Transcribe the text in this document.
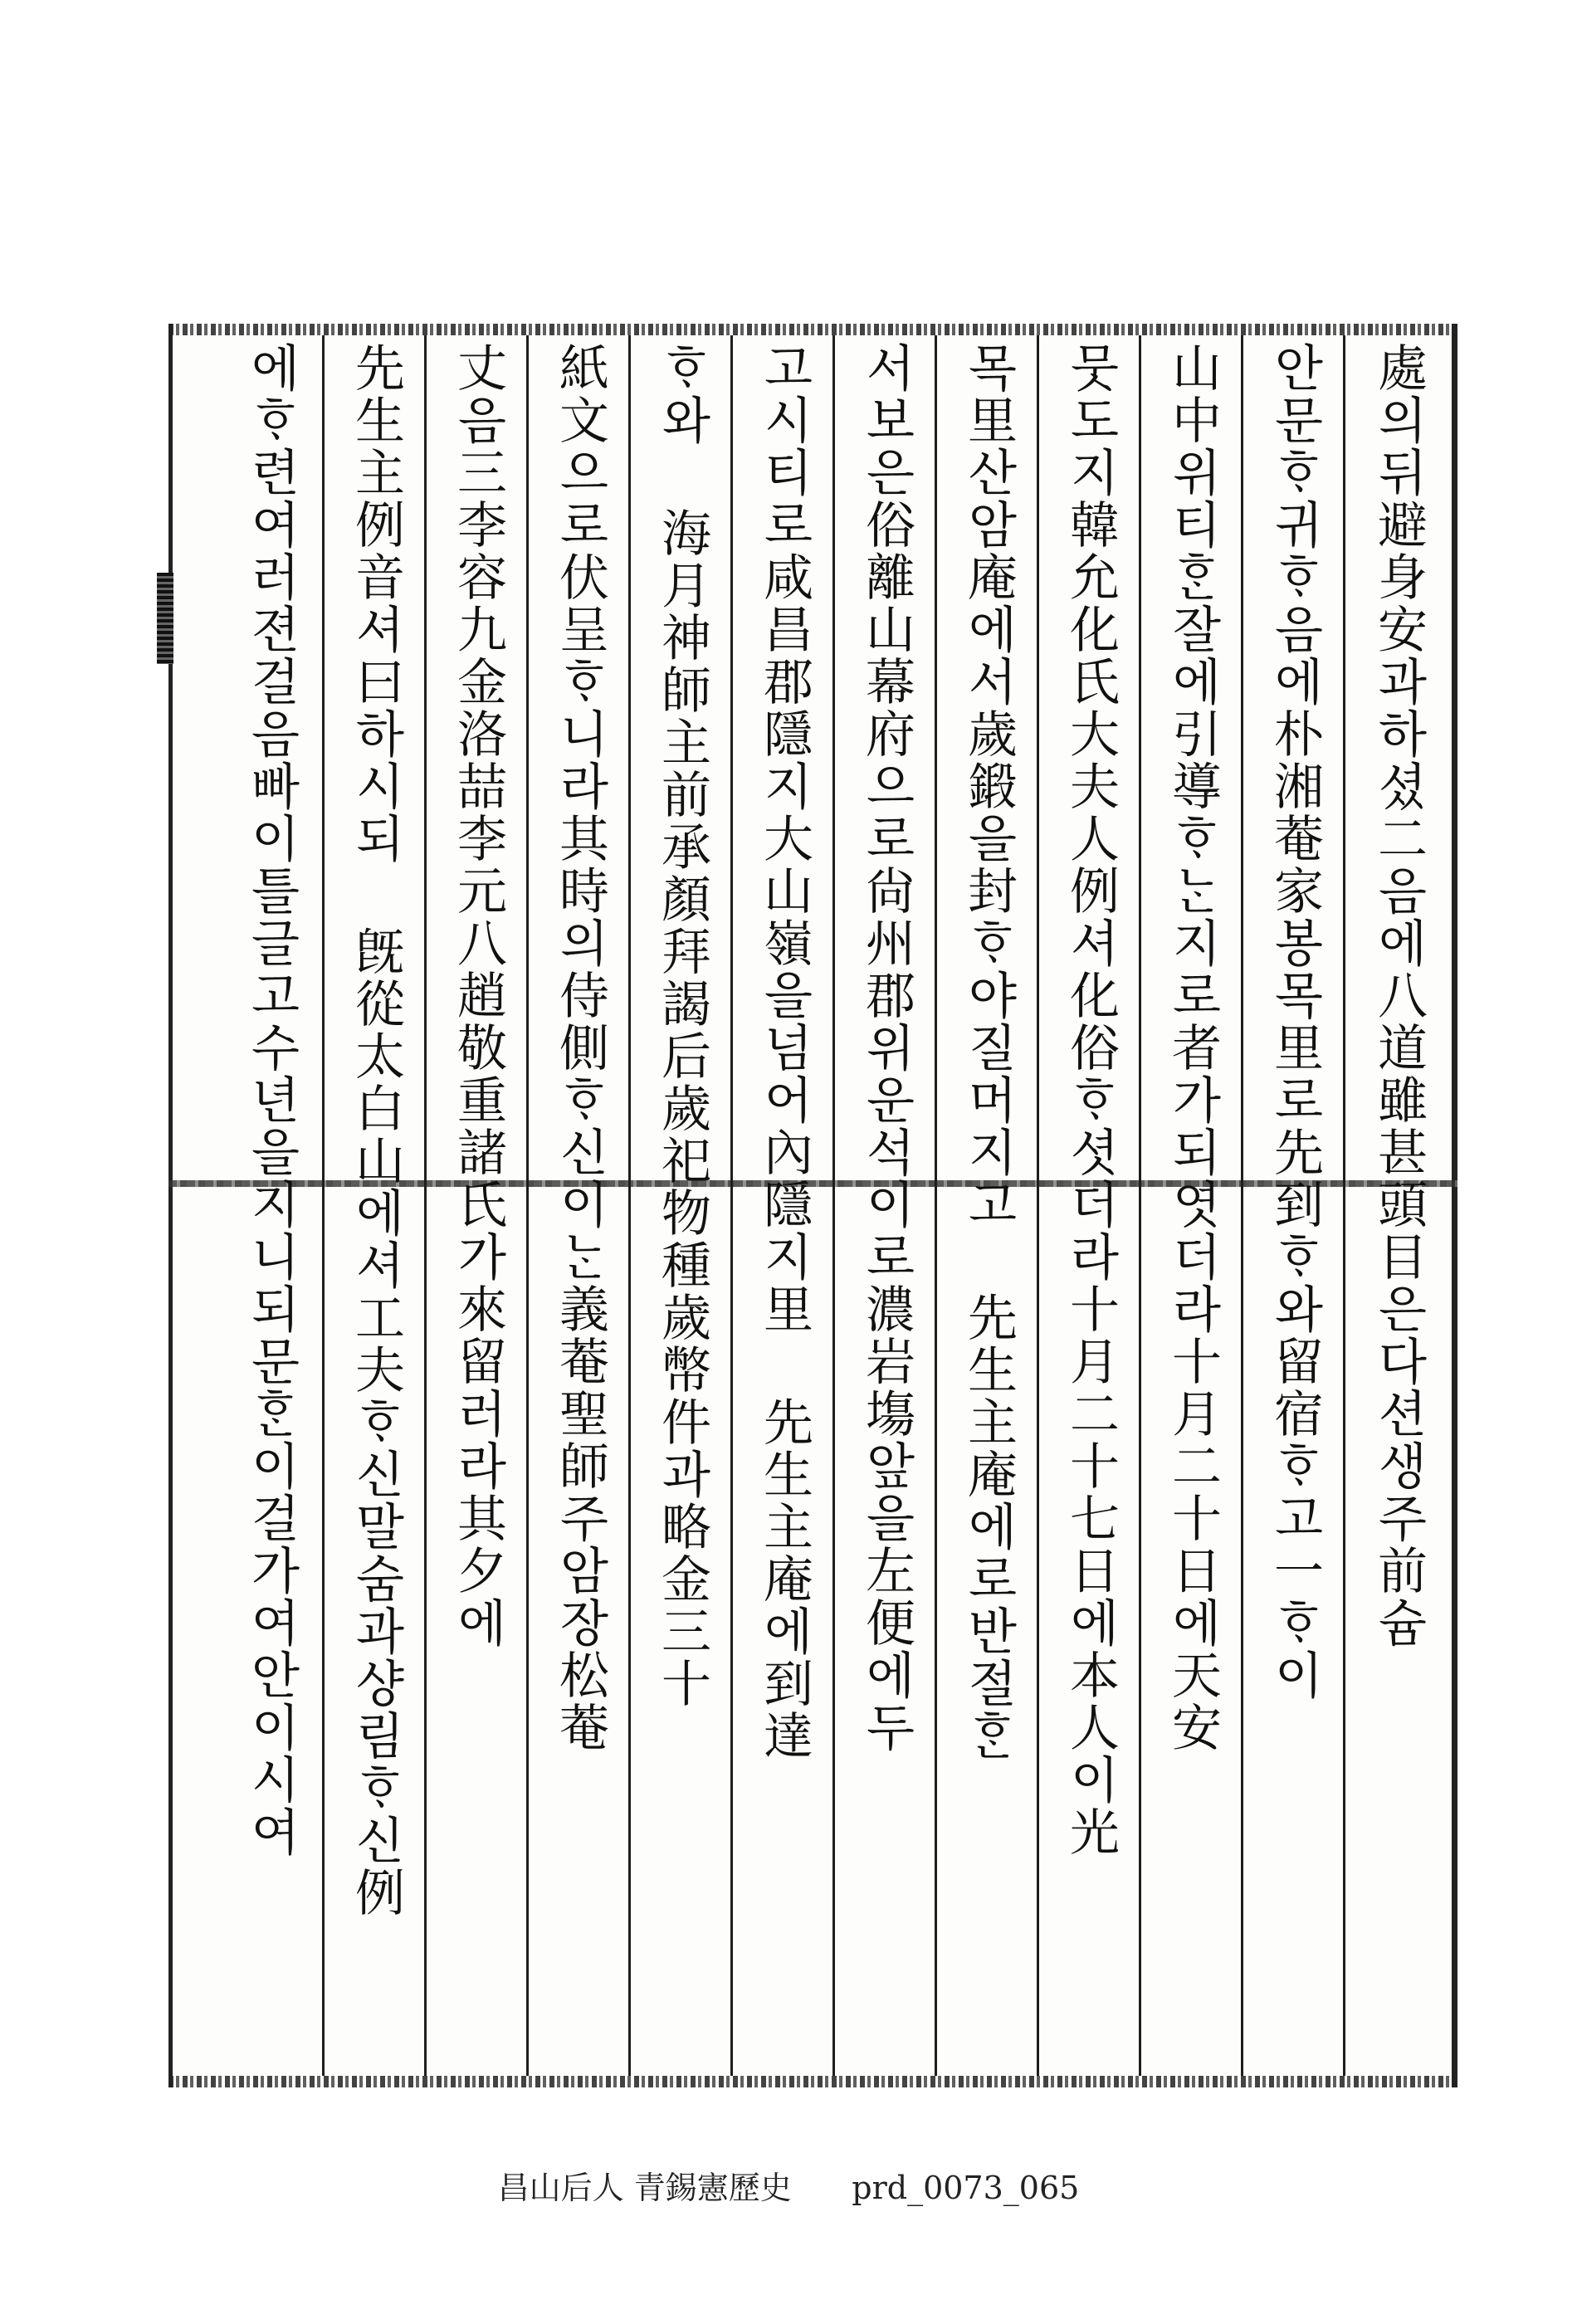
處의뒤避身安과하셨二음에八道雖甚頭目은다션생주前슘
안문ᄒᆞ귀ᄒᆞ음에朴湘菴家봉목里로先到ᄒᆞ와留宿ᄒᆞ고一ᄒᆞ이
山中위티ᄒᆞᆫ잘에引導ᄒᆞᄂᆞᆫ지로者가되엿더라十月二十日에天安
뭇도지韓允化氏大夫人例셔化俗ᄒᆞ셧더라十月二十七日에本人이光
목里산암庵에서歲鍛을封ᄒᆞ야질머지고 先生主庵에로반절ᄒᆞᆫ
서보은俗離山幕府으로尙州郡위운석이로濃岩塲앞을左便에두
고시티로咸昌郡隱지大山嶺을넘어內隱지里 先生主庵에到達
ᄒᆞ와 海月神師主前承顏拜謁后歲祀物種歲幣件과略金三十
紙文으로伏呈ᄒᆞ니라其時의侍側ᄒᆞ신이ᄂᆞᆫ義菴聖師주암장松菴
丈음三李容九金洛喆李元八趙敬重諸氏가來留러라其夕에
先生主例音셔曰하시되 旣從太白山에셔工夫ᄒᆞ신말숨과샹림ᄒᆞ신例
에ᄒᆞ련여러젼걸음빠이틀글고수년을지니되문ᄒᆞᆫ이걸가여안이시여
昌山后人 青錫憲歷史 prd_0073_065
